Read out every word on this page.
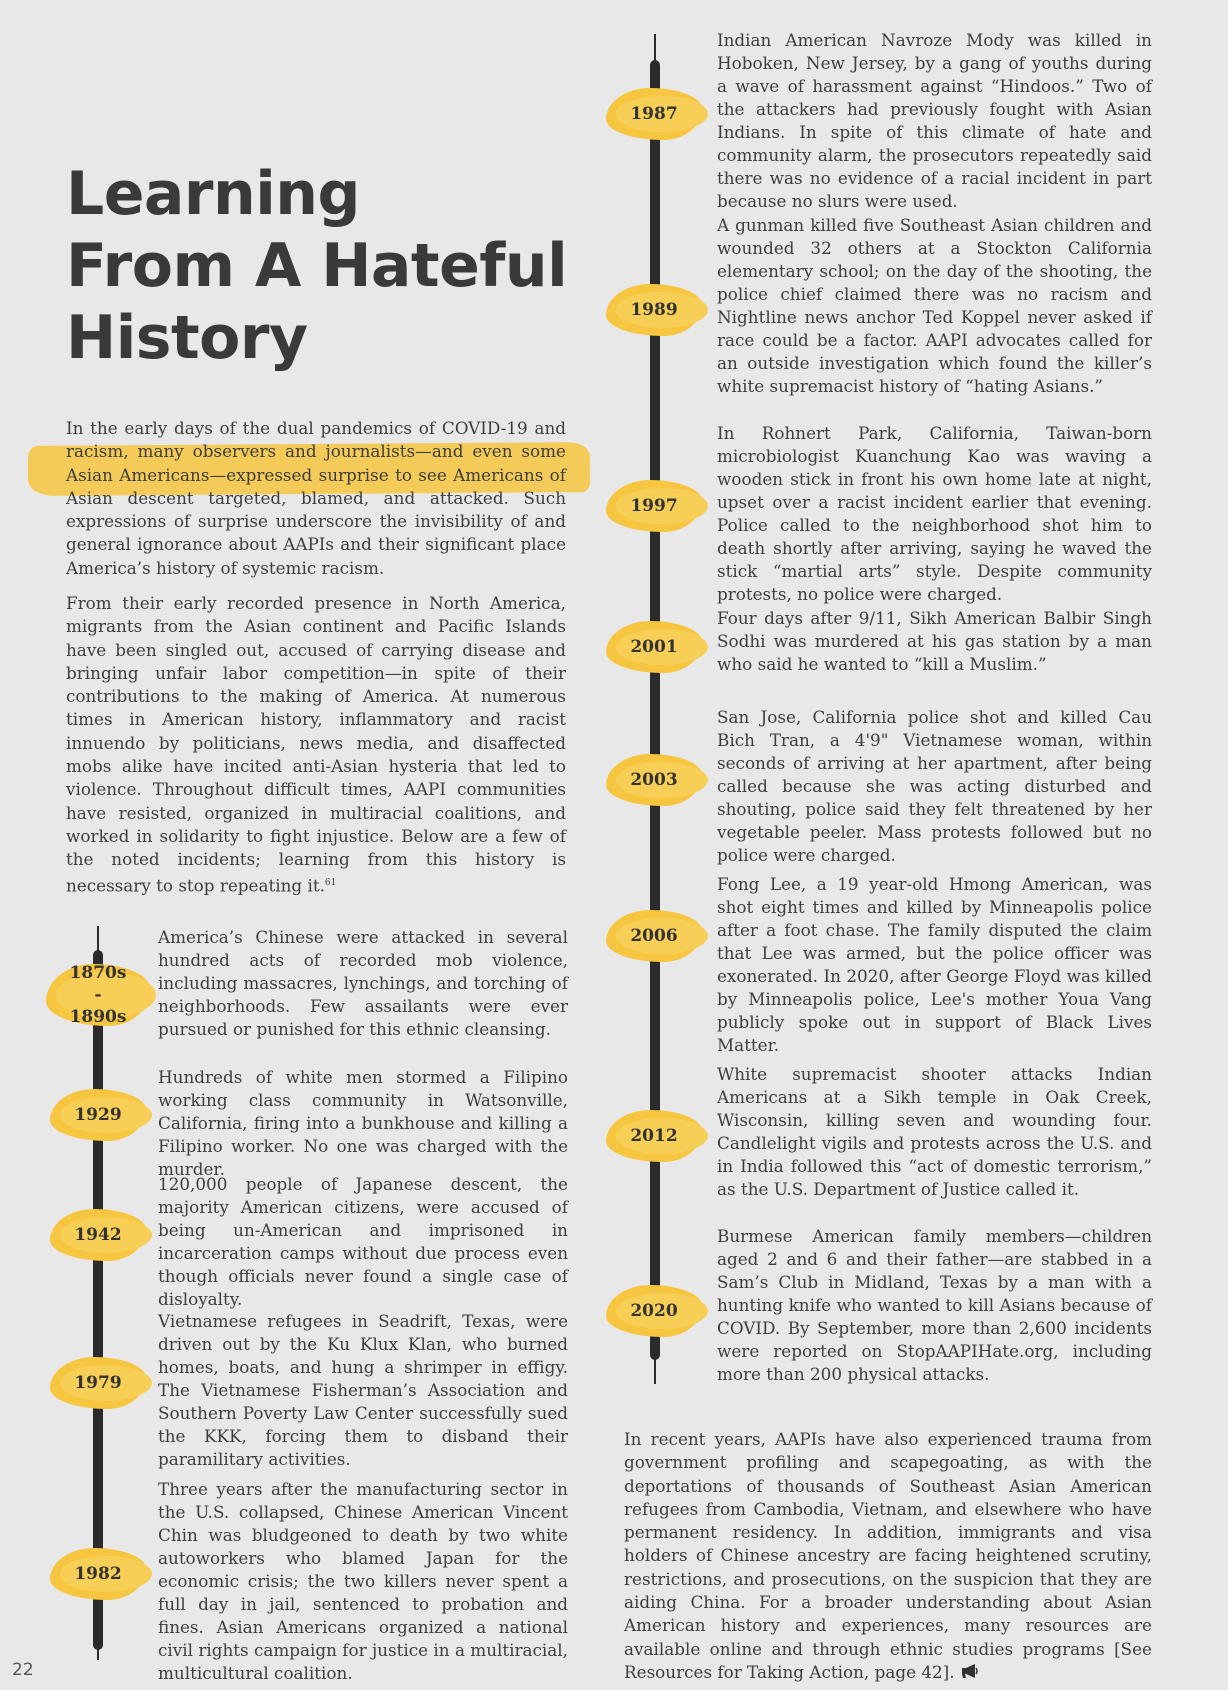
Learning
From A Hateful
History

In the early days of the dual pandemics of COVID-19 and racism, many observers and journalists—and even some Asian Americans—expressed surprise to see Americans of Asian descent targeted, blamed, and attacked. Such expressions of surprise underscore the invisibility of and general ignorance about AAPIs and their significant place America’s history of systemic racism.

From their early recorded presence in North America, migrants from the Asian continent and Pacific Islands have been singled out, accused of carrying disease and bringing unfair labor competition—in spite of their contributions to the making of America. At numerous times in American history, inflammatory and racist innuendo by politicians, news media, and disaffected mobs alike have incited anti-Asian hysteria that led to violence. Throughout difficult times, AAPI communities have resisted, organized in multiracial coalitions, and worked in solidarity to fight injustice. Below are a few of the noted incidents; learning from this history is necessary to stop repeating it.$^{61}$

1870s - 1890s

America’s Chinese were attacked in several hundred acts of recorded mob violence, including massacres, lynchings, and torching of neighborhoods. Few assailants were ever pursued or punished for this ethnic cleansing.

1929

Hundreds of white men stormed a Filipino working class community in Watsonville, California, firing into a bunkhouse and killing a Filipino worker. No one was charged with the murder.

1942

120,000 people of Japanese descent, the majority American citizens, were accused of being un-American and imprisoned in incarceration camps without due process even though officials never found a single case of disloyalty.

1979

Vietnamese refugees in Seadrift, Texas, were driven out by the Ku Klux Klan, who burned homes, boats, and hung a shrimper in effigy. The Vietnamese Fisherman’s Association and Southern Poverty Law Center successfully sued the KKK, forcing them to disband their paramilitary activities.

1982

Three years after the manufacturing sector in the U.S. collapsed, Chinese American Vincent Chin was bludgeoned to death by two white autoworkers who blamed Japan for the economic crisis; the two killers never spent a full day in jail, sentenced to probation and fines. Asian Americans organized a national civil rights campaign for justice in a multiracial, multicultural coalition.

1987

Indian American Navroze Mody was killed in Hoboken, New Jersey, by a gang of youths during a wave of harassment against “Hindoos.” Two of the attackers had previously fought with Asian Indians. In spite of this climate of hate and community alarm, the prosecutors repeatedly said there was no evidence of a racial incident in part because no slurs were used.

1989

A gunman killed five Southeast Asian children and wounded 32 others at a Stockton California elementary school; on the day of the shooting, the police chief claimed there was no racism and Nightline news anchor Ted Koppel never asked if race could be a factor. AAPI advocates called for an outside investigation which found the killer’s white supremacist history of “hating Asians.”

1997

In Rohnert Park, California, Taiwan-born microbiologist Kuanchung Kao was waving a wooden stick in front his own home late at night, upset over a racist incident earlier that evening. Police called to the neighborhood shot him to death shortly after arriving, saying he waved the stick “martial arts” style. Despite community protests, no police were charged.

2001

Four days after 9/11, Sikh American Balbir Singh Sodhi was murdered at his gas station by a man who said he wanted to “kill a Muslim.”

2003

San Jose, California police shot and killed Cau Bich Tran, a 4'9" Vietnamese woman, within seconds of arriving at her apartment, after being called because she was acting disturbed and shouting, police said they felt threatened by her vegetable peeler. Mass protests followed but no police were charged.

2006

Fong Lee, a 19 year-old Hmong American, was shot eight times and killed by Minneapolis police after a foot chase. The family disputed the claim that Lee was armed, but the police officer was exonerated. In 2020, after George Floyd was killed by Minneapolis police, Lee's mother Youa Vang publicly spoke out in support of Black Lives Matter.

2012

White supremacist shooter attacks Indian Americans at a Sikh temple in Oak Creek, Wisconsin, killing seven and wounding four. Candlelight vigils and protests across the U.S. and in India followed this “act of domestic terrorism,” as the U.S. Department of Justice called it.

2020

Burmese American family members—children aged 2 and 6 and their father—are stabbed in a Sam’s Club in Midland, Texas by a man with a hunting knife who wanted to kill Asians because of COVID. By September, more than 2,600 incidents were reported on StopAAPIHate.org, including more than 200 physical attacks.

In recent years, AAPIs have also experienced trauma from government profiling and scapegoating, as with the deportations of thousands of Southeast Asian American refugees from Cambodia, Vietnam, and elsewhere who have permanent residency. In addition, immigrants and visa holders of Chinese ancestry are facing heightened scrutiny, restrictions, and prosecutions, on the suspicion that they are aiding China. For a broader understanding about Asian American history and experiences, many resources are available online and through ethnic studies programs [See Resources for Taking Action, page 42].

22
